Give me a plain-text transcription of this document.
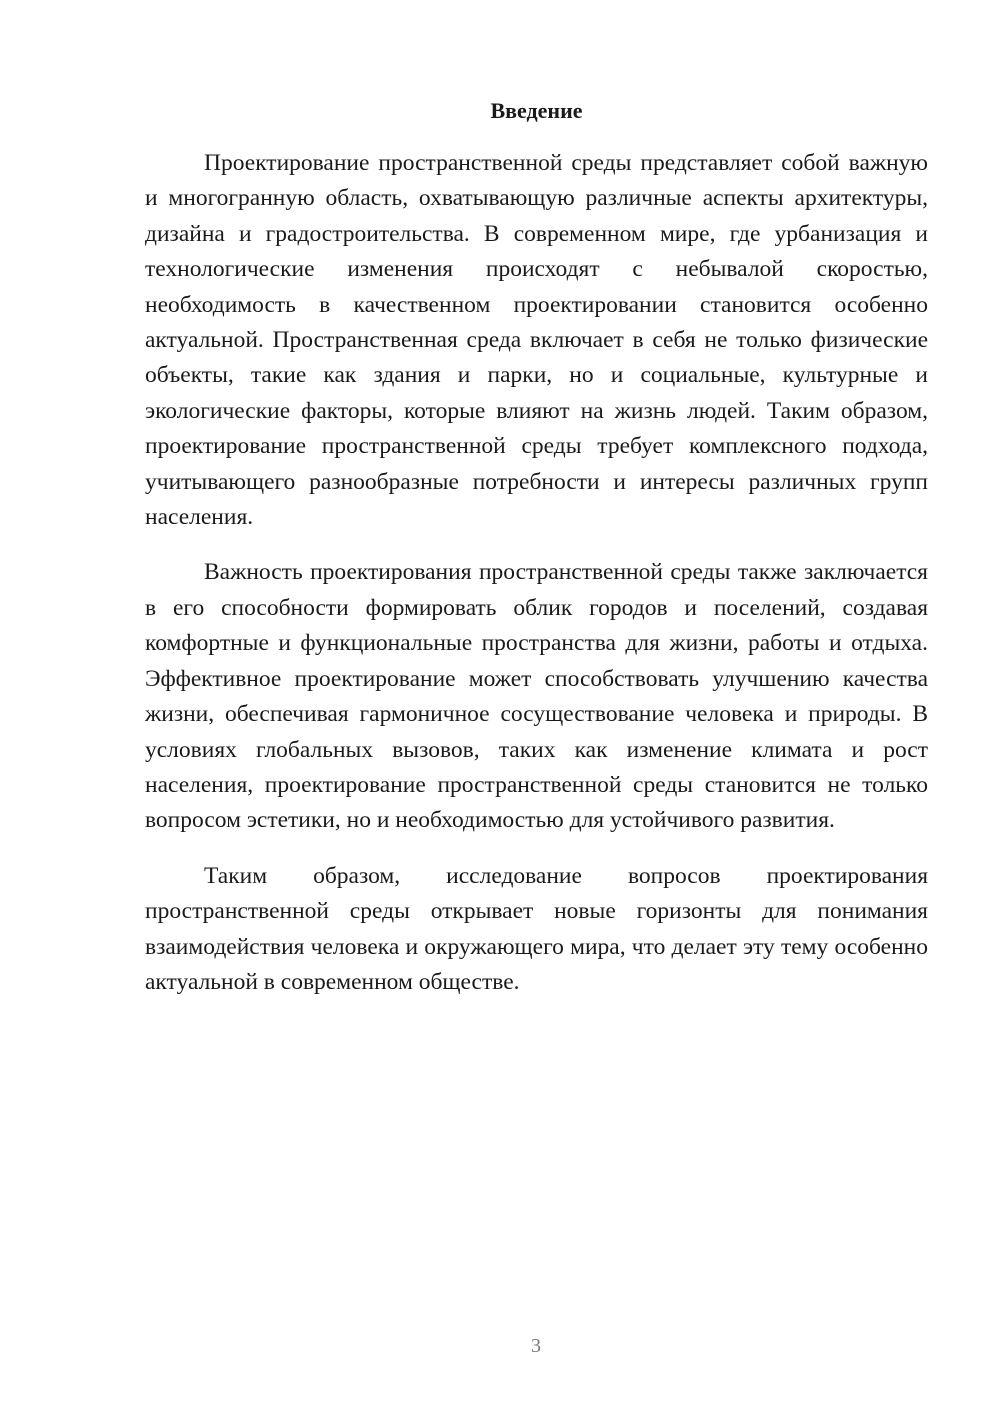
Введение

Проектирование пространственной среды представляет собой важную и многогранную область, охватывающую различные аспекты архитектуры, дизайна и градостроительства. В современном мире, где урбанизация и технологические изменения происходят с небывалой скоростью, необходимость в качественном проектировании становится особенно актуальной. Пространственная среда включает в себя не только физические объекты, такие как здания и парки, но и социальные, культурные и экологические факторы, которые влияют на жизнь людей. Таким образом, проектирование пространственной среды требует комплексного подхода, учитывающего разнообразные потребности и интересы различных групп населения.

Важность проектирования пространственной среды также заключается в его способности формировать облик городов и поселений, создавая комфортные и функциональные пространства для жизни, работы и отдыха. Эффективное проектирование может способствовать улучшению качества жизни, обеспечивая гармоничное сосуществование человека и природы. В условиях глобальных вызовов, таких как изменение климата и рост населения, проектирование пространственной среды становится не только вопросом эстетики, но и необходимостью для устойчивого развития.

Таким образом, исследование вопросов проектирования пространственной среды открывает новые горизонты для понимания взаимодействия человека и окружающего мира, что делает эту тему особенно актуальной в современном обществе.

3
